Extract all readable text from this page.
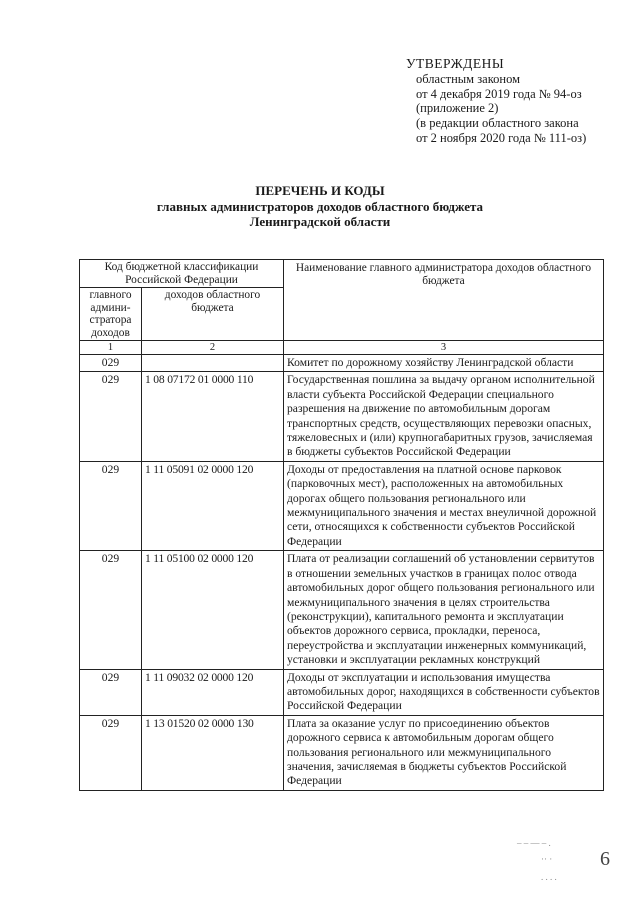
УТВЕРЖДЕНЫ
областным законом
от 4 декабря 2019 года № 94-оз
(приложение 2)
(в редакции областного закона
от 2 ноября 2020 года № 111-оз)
ПЕРЕЧЕНЬ И КОДЫ
главных администраторов доходов областного бюджета
Ленинградской области
Код бюджетной классификации Российской Федерации		Наименование главного администратора доходов областного бюджета
главного админи-стратора доходов	доходов областного бюджета	
1	2	3
029		Комитет по дорожному хозяйству Ленинградской области
029	1 08 07172 01 0000 110	Государственная пошлина за выдачу органом исполнительной власти субъекта Российской Федерации специального разрешения на движение по автомобильным дорогам транспортных средств, осуществляющих перевозки опасных, тяжеловесных и (или) крупногабаритных грузов, зачисляемая в бюджеты субъектов Российской Федерации
029	1 11 05091 02 0000 120	Доходы от предоставления на платной основе парковок (парковочных мест), расположенных на автомобильных дорогах общего пользования регионального или межмуниципального значения и местах внеуличной дорожной сети, относящихся к собственности субъектов Российской Федерации
029	1 11 05100 02 0000 120	Плата от реализации соглашений об установлении сервитутов в отношении земельных участков в границах полос отвода автомобильных дорог общего пользования регионального или межмуниципального значения в целях строительства (реконструкции), капитального ремонта и эксплуатации объектов дорожного сервиса, прокладки, переноса, переустройства и эксплуатации инженерных коммуникаций, установки и эксплуатации рекламных конструкций
029	1 11 09032 02 0000 120	Доходы от эксплуатации и использования имущества автомобильных дорог, находящихся в собственности субъектов Российской Федерации
029	1 13 01520 02 0000 130	Плата за оказание услуг по присоединению объектов дорожного сервиса к автомобильным дорогам общего пользования регионального или межмуниципального значения, зачисляемая в бюджеты субъектов Российской Федерации
– – — – .
·· ·
. . . .
6
